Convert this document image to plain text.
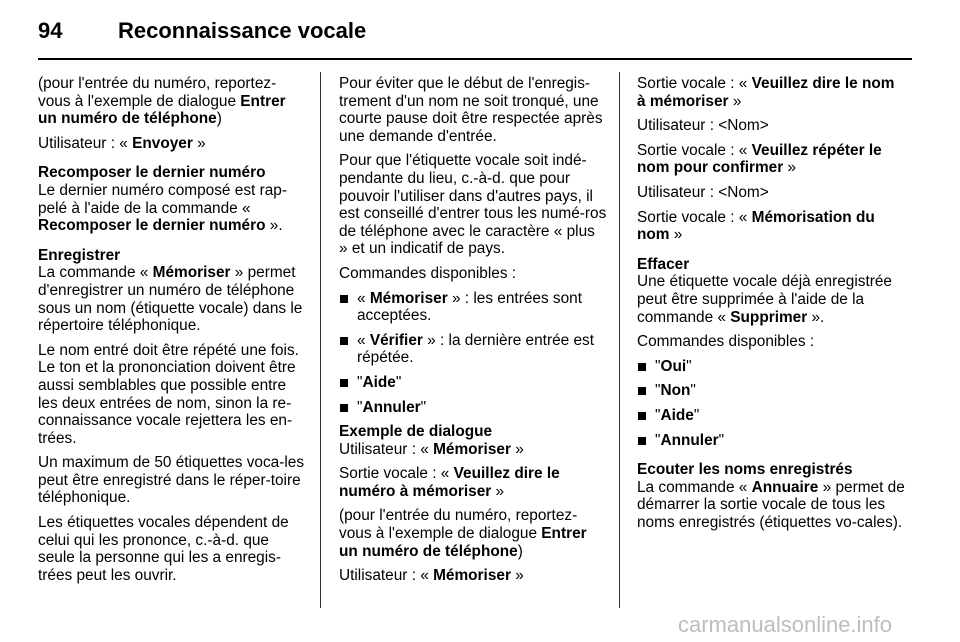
94	Reconnaissance vocale

(pour l'entrée du numéro, reportez-vous à l'exemple de dialogue Entrer un numéro de téléphone)

Utilisateur : « Envoyer »

Recomposer le dernier numéro

Le dernier numéro composé est rap-pelé à l'aide de la commande « Recomposer le dernier numéro ».

Enregistrer

La commande « Mémoriser » permet d'enregistrer un numéro de téléphone sous un nom (étiquette vocale) dans le répertoire téléphonique.

Le nom entré doit être répété une fois. Le ton et la prononciation doivent être aussi semblables que possible entre les deux entrées de nom, sinon la re-connaissance vocale rejettera les en-trées.

Un maximum de 50 étiquettes voca-les peut être enregistré dans le réper-toire téléphonique.

Les étiquettes vocales dépendent de celui qui les prononce, c.-à-d. que seule la personne qui les a enregis-trées peut les ouvrir.

Pour éviter que le début de l'enregis-trement d'un nom ne soit tronqué, une courte pause doit être respectée après une demande d'entrée.

Pour que l'étiquette vocale soit indé-pendante du lieu, c.-à-d. que pour pouvoir l'utiliser dans d'autres pays, il est conseillé d'entrer tous les numé-ros de téléphone avec le caractère « plus » et un indicatif de pays.

Commandes disponibles :

« Mémoriser » : les entrées sont acceptées.
« Vérifier » : la dernière entrée est répétée.
"Aide"
"Annuler"

Exemple de dialogue

Utilisateur : « Mémoriser »

Sortie vocale : « Veuillez dire le numéro à mémoriser »

(pour l'entrée du numéro, reportez-vous à l'exemple de dialogue Entrer un numéro de téléphone)

Utilisateur : « Mémoriser »

Sortie vocale : « Veuillez dire le nom à mémoriser »

Utilisateur : <Nom>

Sortie vocale : « Veuillez répéter le nom pour confirmer »

Utilisateur : <Nom>

Sortie vocale : « Mémorisation du nom »

Effacer

Une étiquette vocale déjà enregistrée peut être supprimée à l'aide de la commande « Supprimer ».

Commandes disponibles :

"Oui"
"Non"
"Aide"
"Annuler"

Ecouter les noms enregistrés

La commande « Annuaire » permet de démarrer la sortie vocale de tous les noms enregistrés (étiquettes vo-cales).

carmanualsonline.info
